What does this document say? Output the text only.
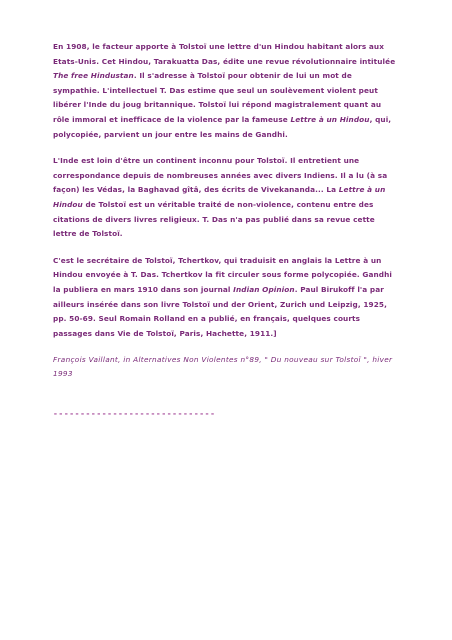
En 1908, le facteur apporte à Tolstoï une lettre d'un Hindou habitant alors aux Etats-Unis. Cet Hindou, Tarakuatta Das, édite une revue révolutionnaire intitulée The free Hindustan. Il s'adresse à Tolstoï pour obtenir de lui un mot de sympathie. L'intellectuel T. Das estime que seul un soulèvement violent peut libérer l'Inde du joug britannique. Tolstoï lui répond magistralement quant au rôle immoral et inefficace de la violence par la fameuse Lettre à un Hindou, qui, polycopiée, parvient un jour entre les mains de Gandhi.

L'Inde est loin d'être un continent inconnu pour Tolstoï. Il entretient une correspondance depuis de nombreuses années avec divers Indiens. Il a lu (à sa façon) les Védas, la Baghavad gîtâ, des écrits de Vivekananda... La Lettre à un Hindou de Tolstoï est un véritable traité de non-violence, contenu entre des citations de divers livres religieux. T. Das n'a pas publié dans sa revue cette lettre de Tolstoï.

C'est le secrétaire de Tolstoï, Tchertkov, qui traduisit en anglais la Lettre à un Hindou envoyée à T. Das. Tchertkov la fit circuler sous forme polycopiée. Gandhi la publiera en mars 1910 dans son journal Indian Opinion. Paul Birukoff l'a par ailleurs insérée dans son livre Tolstoï und der Orient, Zurich und Leipzig, 1925, pp. 50-69. Seul Romain Rolland en a publié, en français, quelques courts passages dans Vie de Tolstoï, Paris, Hachette, 1911.]

François Vaillant, in Alternatives Non Violentes n°89, " Du nouveau sur Tolstoï ", hiver 1993

------------------------------
